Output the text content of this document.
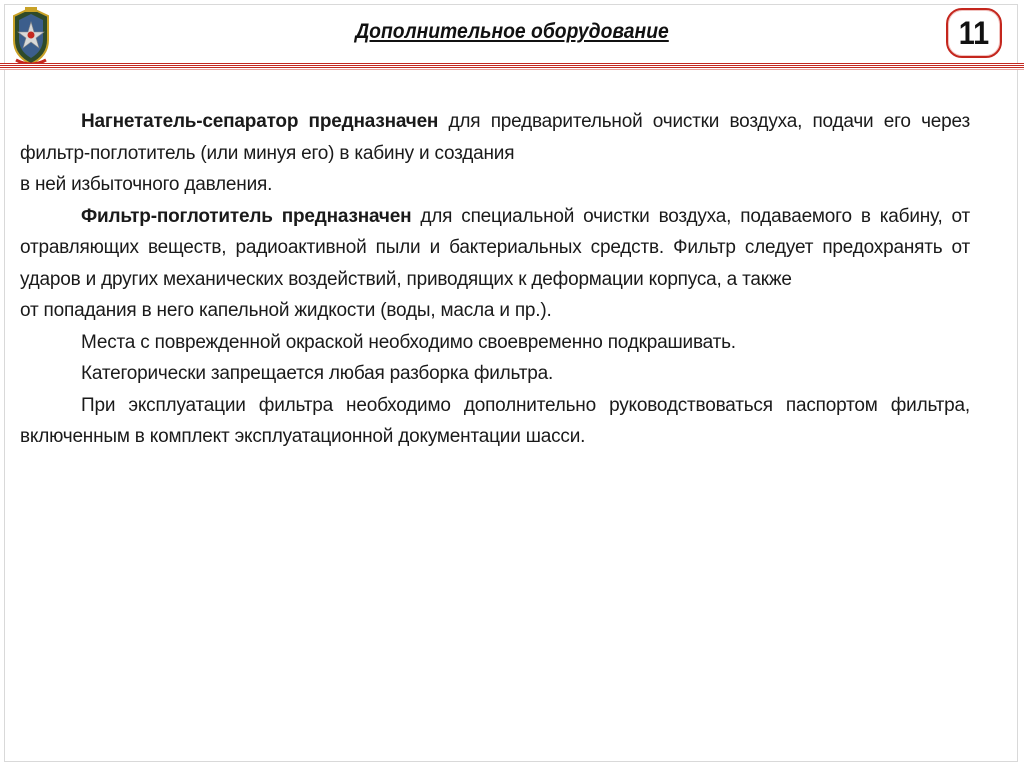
Дополнительное оборудование	11

Нагнетатель-сепаратор предназначен для предварительной очистки воздуха, подачи его через фильтр-поглотитель (или минуя его) в кабину и создания
в ней избыточного давления.

Фильтр-поглотитель предназначен для специальной очистки воздуха, подаваемого в кабину, от отравляющих веществ, радиоактивной пыли и бактериальных средств. Фильтр следует предохранять от ударов и других механических воздействий, приводящих к деформации корпуса, а также
от попадания в него капельной жидкости (воды, масла и пр.).

Места с поврежденной окраской необходимо своевременно подкрашивать.

Категорически запрещается любая разборка фильтра.

При эксплуатации фильтра необходимо дополнительно руководствоваться паспортом фильтра, включенным в комплект эксплуатационной документации шасси.
